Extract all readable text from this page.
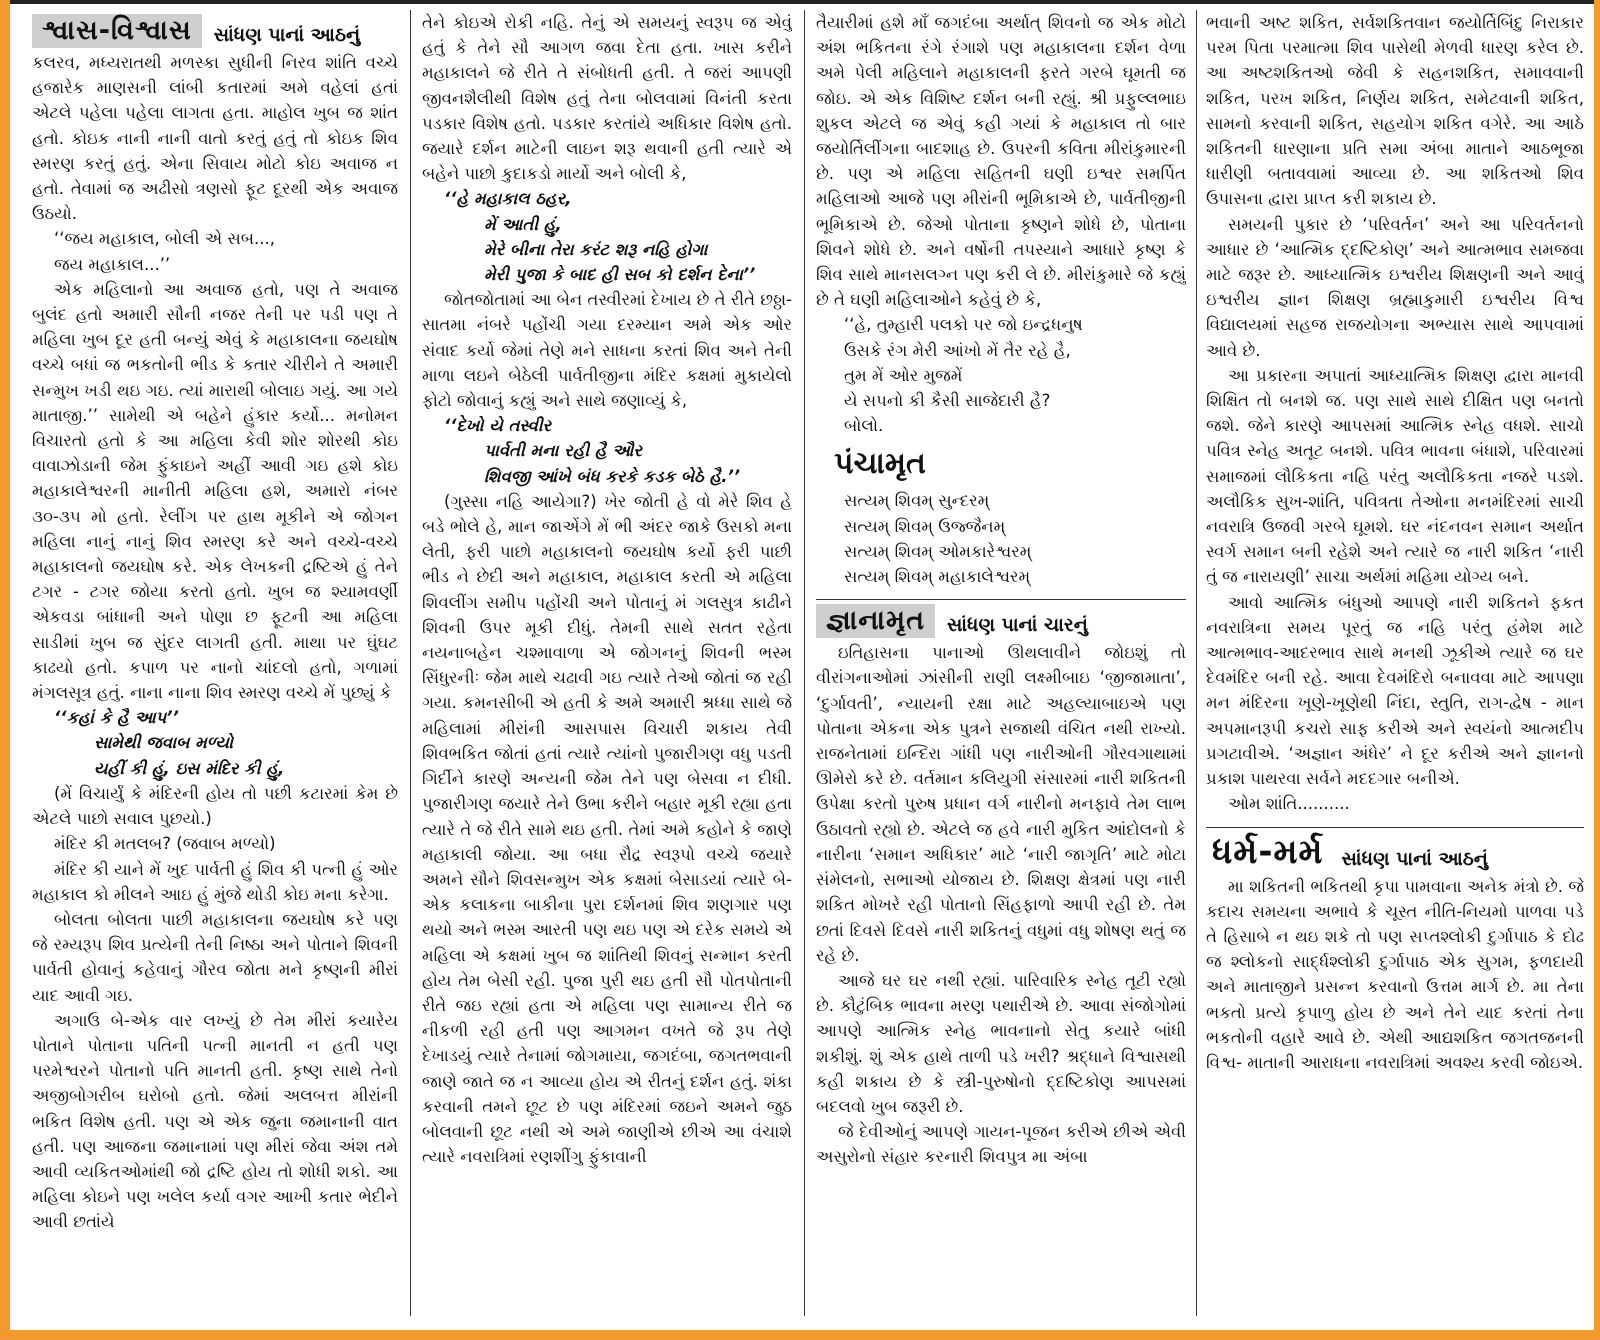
શ્વાસ-વિશ્વાસ	સાંધણ પાનાં આઠનું

કલરવ, મધ્યરાતથી મળસ્કા સુધીની નિરવ શાંતિ વચ્ચે હજારેક માણસની લાંબી કતારમાં અમે વહેલાં હતાં એટલે પહેલા પહેલા લાગતા હતા. માહોલ ખુબ જ શાંત હતો. કોઇક નાની નાની વાતો કરતું હતું તો કોઇક શિવ સ્મરણ કરતું હતું. એના સિવાય મોટો કોઇ અવાજ ન હતો. તેવામાં જ અઢીસો ત્રણસો ફૂટ દૂરથી એક અવાજ ઉઠયો.

‘‘જય મહાકાલ, બોલી એ સબ...,

જય મહાકાલ...’’

એક મહિલાનો આ અવાજ હતો, પણ તે અવાજ બુલંદ હતો અમારી સૌની નજર તેની પર પડી પણ તે મહિલા ખુબ દૂર હતી બન્યું એવું કે મહાકાલના જયઘોષ વચ્ચે બધાં જ ભકતોની ભીડ કે કતાર ચીરીને તે અમારી સન્મુખ ખડી થઇ ગઇ. ત્યાં મારાથી બોલાઇ ગયું. આ ગયે માતાજી.’’ સામેથી એ બહેને હુંકાર કર્યો... મનોમન વિચારતો હતો કે આ મહિલા કેવી શોર શોરથી કોઇ વાવાઝોડાની જેમ ફુંકાઇને અહીં આવી ગઇ હશે કોઇ મહાકાલેશ્વરની માનીતી મહિલા હશે, અમારો નંબર ૩૦-૩૫ મો હતો. રેલીંગ પર હાથ મૂકીને એ જોગન મહિલા નાનું નાનું શિવ સ્મરણ કરે અને વચ્ચે-વચ્ચે મહાકાલનો જયઘોષ કરે. એક લેખકની દ્રષ્ટિએ હું તેને ટગર - ટગર જોયા કરતો હતો. ખુબ જ શ્યામવર્ણી એકવડા બાંધાની અને પોણા છ ફૂટની આ મહિલા સાડીમાં ખુબ જ સુંદર લાગતી હતી. માથા પર ઘુંઘટ કાઢયો હતો. કપાળ પર નાનો ચાંદલો હતો, ગળામાં મંગલસૂત્ર હતું. નાના નાના શિવ સ્મરણ વચ્ચે મેં પુછ્યું કે

‘‘કહાં કે હૈ આપ’’

સામેથી જવાબ મળ્યો

યહીં કી હું, ઇસ મંદિર કી હું,

(મેં વિચાર્યું કે મંદિરની હોય તો પછી કટારમાં કેમ છે એટલે પાછો સવાલ પુછયો.)

મંદિર કી મતલબ? (જવાબ મળ્યો)

મંદિર કી યાને મેં ખુદ પાર્વતી હું શિવ કી પત્ની હું ઓર મહાકાલ કો મીલને આઇ હું મુંજે થોડી કોઇ મના કરેગા.

બોલતા બોલતા પાછી મહાકાલના જયઘોષ કરે પણ જે રમ્યરૂપ શિવ પ્રત્યેની તેની નિષ્ઠા અને પોતાને શિવની પાર્વતી હોવાનું કહેવાનું ગૌરવ જોતા મને કૃષ્ણની મીરાં યાદ આવી ગઇ.

અગાઉ બે-એક વાર લખ્યું છે તેમ મીરાં કયારેય પોતાને પોતાના પતિની પત્ની માનતી ન હતી પણ પરમેશ્વરને પોતાનો પતિ માનતી હતી. કૃષ્ણ સાથે તેનો અજીબોગરીબ ઘરોબો હતો. જેમાં અલબત્ત મીરાંની ભકિત વિશેષ હતી. પણ એ એક જુના જમાનાની વાત હતી. પણ આજના જમાનામાં પણ મીરાં જેવા અંશ તમે આવી વ્યકિતઓમાંથી જો દ્રષ્ટિ હોય તો શોધી શકો. આ મહિલા કોઇને પણ ખલેલ કર્યા વગર આખી કતાર ભેદીને આવી છતાંયે

તેને કોઇએ રોકી નહિ. તેનું એ સમયનું સ્વરૂપ જ એવું હતું કે તેને સૌ આગળ જવા દેતા હતા. ખાસ કરીને મહાકાલને જે રીતે તે સંબોધતી હતી. તે જરાં આપણી જીવનશૈલીથી વિશેષ હતું તેના બોલવામાં વિનંતી કરતા પડકાર વિશેષ હતો. પડકાર કરતાંયે અધિકાર વિશેષ હતો. જયારે દર્શન માટેની લાઇન શરૂ થવાની હતી ત્યારે એ બહેને પાછો કુદાકડો માર્યો અને બોલી કે,

‘‘હે મહાકાલ ઠહર,

મેં આતી હું,

મેરે બીના તેરા કરંટ શરૂ નહિ હોગા

મેરી પુજા કે બાદ હી સબ કો દર્શન દેના’’

જોતજોતામાં આ બેન તસ્વીરમાં દેખાય છે તે રીતે છઠ્ઠા-સાતમા નંબરે પહોંચી ગયા દરમ્યાન અમે એક ઓર સંવાદ કર્યો જેમાં તેણે મને સાધના કરતાં શિવ અને તેની માળા લઇને બેઠેલી પાર્વતીજીના મંદિર કક્ષમાં મુકાયેલો ફોટો જોવાનું કહ્યું અને સાથે જણાવ્યું કે,

‘‘દેખો યે તસ્વીર

પાર્વતી મના રહી હૈ ઔર

શિવજી આંખે બંધ કરકે કડક બેઠે હૈ.’’

(ગુસ્સા નહિ આયેગા?) ખેર જોતી હે વો મેરે શિવ હે બડે ભોલે હે, માન જાએંગે મેં ભી અંદર જાકે ઉસકો મના લેતી, ફરી પાછો મહાકાલનો જયઘોષ કર્યો ફરી પાછી ભીડ ને છેદી અને મહાકાલ, મહાકાલ કરતી એ મહિલા શિવલીંગ સમીપ પહોંચી અને પોતાનું મં ગલસુત્ર કાઢીને શિવની ઉપર મૂકી દીધું. તેમની સાથે સતત રહેતા નયનાબહેન ચશ્માવાળા એ જોગનનું શિવની ભસ્મ સિંધુરનીઃ જેમ માથે ચઢાવી ગઇ ત્યારે તેઓ જોતાં જ રહી ગયા. કમનસીબી એ હતી કે અમે અમારી શ્રધ્ધા સાથે જે મહિલામાં મીરાંની આસપાસ વિચારી શકાય તેવી શિવભકિત જોતાં હતાં ત્યારે ત્યાંનો પુજારીગણ વધુ પડતી ગિર્દીને કારણે અન્યની જેમ તેને પણ બેસવા ન દીધી. પુજારીગણ જયારે તેને ઉભા કરીને બહાર મૂકી રહ્યા હતા ત્યારે તે જે રીતે સામે થઇ હતી. તેમાં અમે કહોને કે જાણે મહાકાલી જોયા. આ બધા રૌદ્ર સ્વરૂપો વચ્ચે જયારે અમને સૌને શિવસન્મુખ એક કક્ષમાં બેસાડયાં ત્યારે બે-એક કલાકના બાકીના પુરા દર્શનમાં શિવ શણગાર પણ થયો અને ભસ્મ આરતી પણ થઇ પણ એ દરેક સમયે એ મહિલા એ કક્ષમાં ખુબ જ શાંતિથી શિવનું સન્માન કરતી હોય તેમ બેસી રહી. પુજા પુરી થઇ હતી સૌ પોતપોતાની રીતે જઇ રહ્યાં હતા એ મહિલા પણ સામાન્ય રીતે જ નીકળી રહી હતી પણ આગમન વખતે જે રૂપ તેણે દેખાડયું ત્યારે તેનામાં જોગમાયા, જગદંબા, જગતભવાની જાણે જાતે જ ન આવ્યા હોય એ રીતનું દર્શન હતું. શંકા કરવાની તમને છૂટ છે પણ મંદિરમાં જઇને અમને જુઠ બોલવાની છૂટ નથી એ અમે જાણીએ છીએ આ વંચાશે ત્યારે નવરાત્રિમાં રણશીંગુ ફુંકાવાની

તૈયારીમાં હશે માઁ જગદંબા અર્થાત્ શિવનો જ એક મોટો અંશ ભકિતના રંગે રંગાશે પણ મહાકાલના દર્શન વેળા અમે પેલી મહિલાને મહાકાલની ફરતે ગરબે ઘૂમતી જ જોઇ. એ એક વિશિષ્ટ દર્શન બની રહ્યું. શ્રી પ્રફુલ્લભાઇ શુકલ એટલે જ એવું કહી ગયાં કે મહાકાલ તો બાર જયોર્તિલીંગના બાદશાહ છે. ઉપરની કવિતા મીરાંકુમારની છે. પણ એ મહિલા સહિતની ઘણી ઇશ્વર સમર્પિત મહિલાઓ આજે પણ મીરાંની ભૂમિકાએ છે, પાર્વતીજીની ભૂમિકાએ છે. જેઓ પોતાના કૃષ્ણને શોધે છે, પોતાના શિવને શોધે છે. અને વર્ષોની તપસ્યાને આધારે કૃષ્ણ કે શિવ સાથે માનસલગ્ન પણ કરી લે છે. મીરાંકુમારે જે કહ્યું છે તે ઘણી મહિલાઓને કહેવું છે કે,

‘‘હે, તુમ્હારી પલકો પર જો ઇન્દ્રધનુષ
ઉસકે રંગ મેરી આંખો મેં તૈર રહે હૈ,
તુમ મેં ઓર મુજમેં
યે સપનો કી કૈસી સાજેદારી હૈ?
બોલો.
પંચામૃત
સત્યમ્ શિવમ્ સુન્દરમ્
સત્યમ્ શિવમ્ ઉજ્જૈનમ્
સત્યમ્ શિવમ્ ઓમકારેશ્વરમ્
સત્યમ્ શિવમ્ મહાકાલેશ્વરમ્
જ્ઞાનામૃત	સાંધણ પાનાં ચારનું

ઇતિહાસના પાનાઓ ઊથલાવીને જોઇશું તો વીરાંગનાઓમાં ઝાંસીની રાણી લક્ષ્મીબાઇ ‘જીજામાતા’, ‘દુર્ગાવતી’, ન્યાયની રક્ષા માટે અહલ્યાબાઇએ પણ પોતાના એકના એક પુત્રને સજાથી વંચિત નથી રાખ્યો. રાજનેતામાં ઇન્દિરા ગાંધી પણ નારીઓની ગૌરવગાથામાં ઊમેરો કરે છે. વર્તમાન કલિયુગી સંસારમાં નારી શકિતની ઉપેક્ષા કરતો પુરુષ પ્રધાન વર્ગ નારીનો મનફાવે તેમ લાભ ઉઠાવતો રહ્યો છે. એટલે જ હવે નારી મુકિત આંદોલનો કે નારીના ‘સમાન અધિકાર’ માટે ‘નારી જાગૃતિ’ માટે મોટા સંમેલનો, સભાઓ યોજાય છે. શિક્ષણ ક્ષેત્રમાં પણ નારી શકિત મોખરે રહી પોતાનો સિંહફાળો આપી રહી છે. તેમ છતાં દિવસે દિવસે નારી શકિતનું વધુમાં વધુ શોષણ થતું જ રહે છે.

આજે ઘર ઘર નથી રહ્યાં. પારિવારિક સ્નેહ તૂટી રહ્યો છે. કૌટુંબિક ભાવના મરણ પથારીએ છે. આવા સંજોગોમાં આપણે આત્મિક સ્નેહ ભાવનાનો સેતુ કયારે બાંધી શકીશું. શું એક હાથે તાળી પડે ખરી? શ્રદ્ધાને વિશ્વાસથી કહી શકાય છે કે સ્ત્રી-પુરુષોનો દ્દષ્ટિકોણ આપસમાં બદલવો ખુબ જરૂરી છે.

જે દેવીઓનું આપણે ગાયન-પૂજન કરીએ છીએ એવી અસુરોનો સંહાર કરનારી શિવપુત્ર મા અંબા

ભવાની અષ્ટ શકિત, સર્વશકિતવાન જયોર્તિબિંદુ નિરાકાર પરમ પિતા પરમાત્મા શિવ પાસેથી મેળવી ધારણ કરેલ છે. આ અષ્ટશકિતઓ જેવી કે સહનશકિત, સમાવવાની શકિત, પરખ શકિત, નિર્ણય શકિત, સમેટવાની શકિત, સામનો કરવાની શકિત, સહયોગ શકિત વગેરે. આ આઠે શકિતની ધારણાના પ્રતિ સમા અંબા માતાને આઠભૂજા ધારીણી બતાવવામાં આવ્યા છે. આ શકિતઓ શિવ ઉપાસના દ્વારા પ્રાપ્ત કરી શકાય છે.

સમયની પુકાર છે ‘પરિવર્તન’ અને આ પરિવર્તનનો આધાર છે ‘આત્મિક દ્દષ્ટિકોણ’ અને આત્મભાવ સમજવા માટે જરૂર છે. આધ્યાત્મિક ઇશ્વરીય શિક્ષણની અને આવું ઇશ્વરીય જ્ઞાન શિક્ષણ બ્રહ્માકુમારી ઇશ્વરીય વિશ્વ વિદ્યાલયમાં સહજ રાજયોગના અભ્યાસ સાથે આપવામાં આવે છે.

આ પ્રકારના અપાતાં આધ્યાત્મિક શિક્ષણ દ્વારા માનવી શિક્ષિત તો બનશે જ. પણ સાથે સાથે દીક્ષિત પણ બનતો જશે. જેને કારણે આપસમાં આત્મિક સ્નેહ વધશે. સાચો પવિત્ર સ્નેહ અતૂટ બનશે. પવિત્ર ભાવના બંધાશે, પરિવારમાં સમાજમાં લૌકિકતા નહિ પરંતુ અલૌકિકતા નજરે પડશે. અલૌકિક સુખ-શાંતિ, પવિત્રતા તેઓના મનમંદિરમાં સાચી નવરાત્રિ ઉજવી ગરબે ઘૂમશે. ઘર નંદનવન સમાન અર્થાત સ્વર્ગ સમાન બની રહેશે અને ત્યારે જ નારી શકિત ‘નારી તું જ નારાયણી’ સાચા અર્થમાં મહિમા યોગ્ય બને.

આવો આત્મિક બંધુઓ આપણે નારી શકિતને ફકત નવરાત્રિના સમય પૂરતું જ નહિ પરંતુ હંમેશ માટે આત્મભાવ-આદરભાવ સાથે મનથી ઝૂકીએ ત્યારે જ ઘર દેવમંદિર બની રહે. આવા દેવમંદિરો બનાવવા માટે આપણા મન મંદિરના ખૂણે-ખૂણેથી નિંદા, સ્તુતિ, રાગ-દ્વેષ - માન અપમાનરૂપી કચરો સાફ કરીએ અને સ્વયંનો આત્મદીપ પ્રગટાવીએ. ‘અજ્ઞાન અંધેર’ ને દૂર કરીએ અને જ્ઞાનનો પ્રકાશ પાથરવા સર્વને મદદગાર બનીએ.

ઓમ શાંતિ..........

ધર્મ-મર્મ સાંધણ પાનાં આઠનું

મા શકિતની ભકિતથી કૃપા પામવાના અનેક મંત્રો છે. જે કદાચ સમયના અભાવે કે ચૂસ્ત નીતિ-નિયમો પાળવા પડે તે હિસાબે ન થઇ શકે તો પણ સપ્તશ્લોકી દુર્ગાપાઠ કે દોઢ જ શ્લોકનો સાર્દ્ધશ્લોકી દુર્ગાપાઠ એક સુગમ, ફળદાયી અને માતાજીને પ્રસન્ન કરવાનો ઉત્તમ માર્ગ છે. મા તેના ભકતો પ્રત્યે કૃપાળુ હોય છે અને તેને યાદ કરતાં તેના ભકતોની વહારે આવે છે. એથી આદ્યશકિત જગતજનની વિશ્વ- માતાની આરાધના નવરાત્રિમાં અવશ્ય કરવી જોઇએ.
